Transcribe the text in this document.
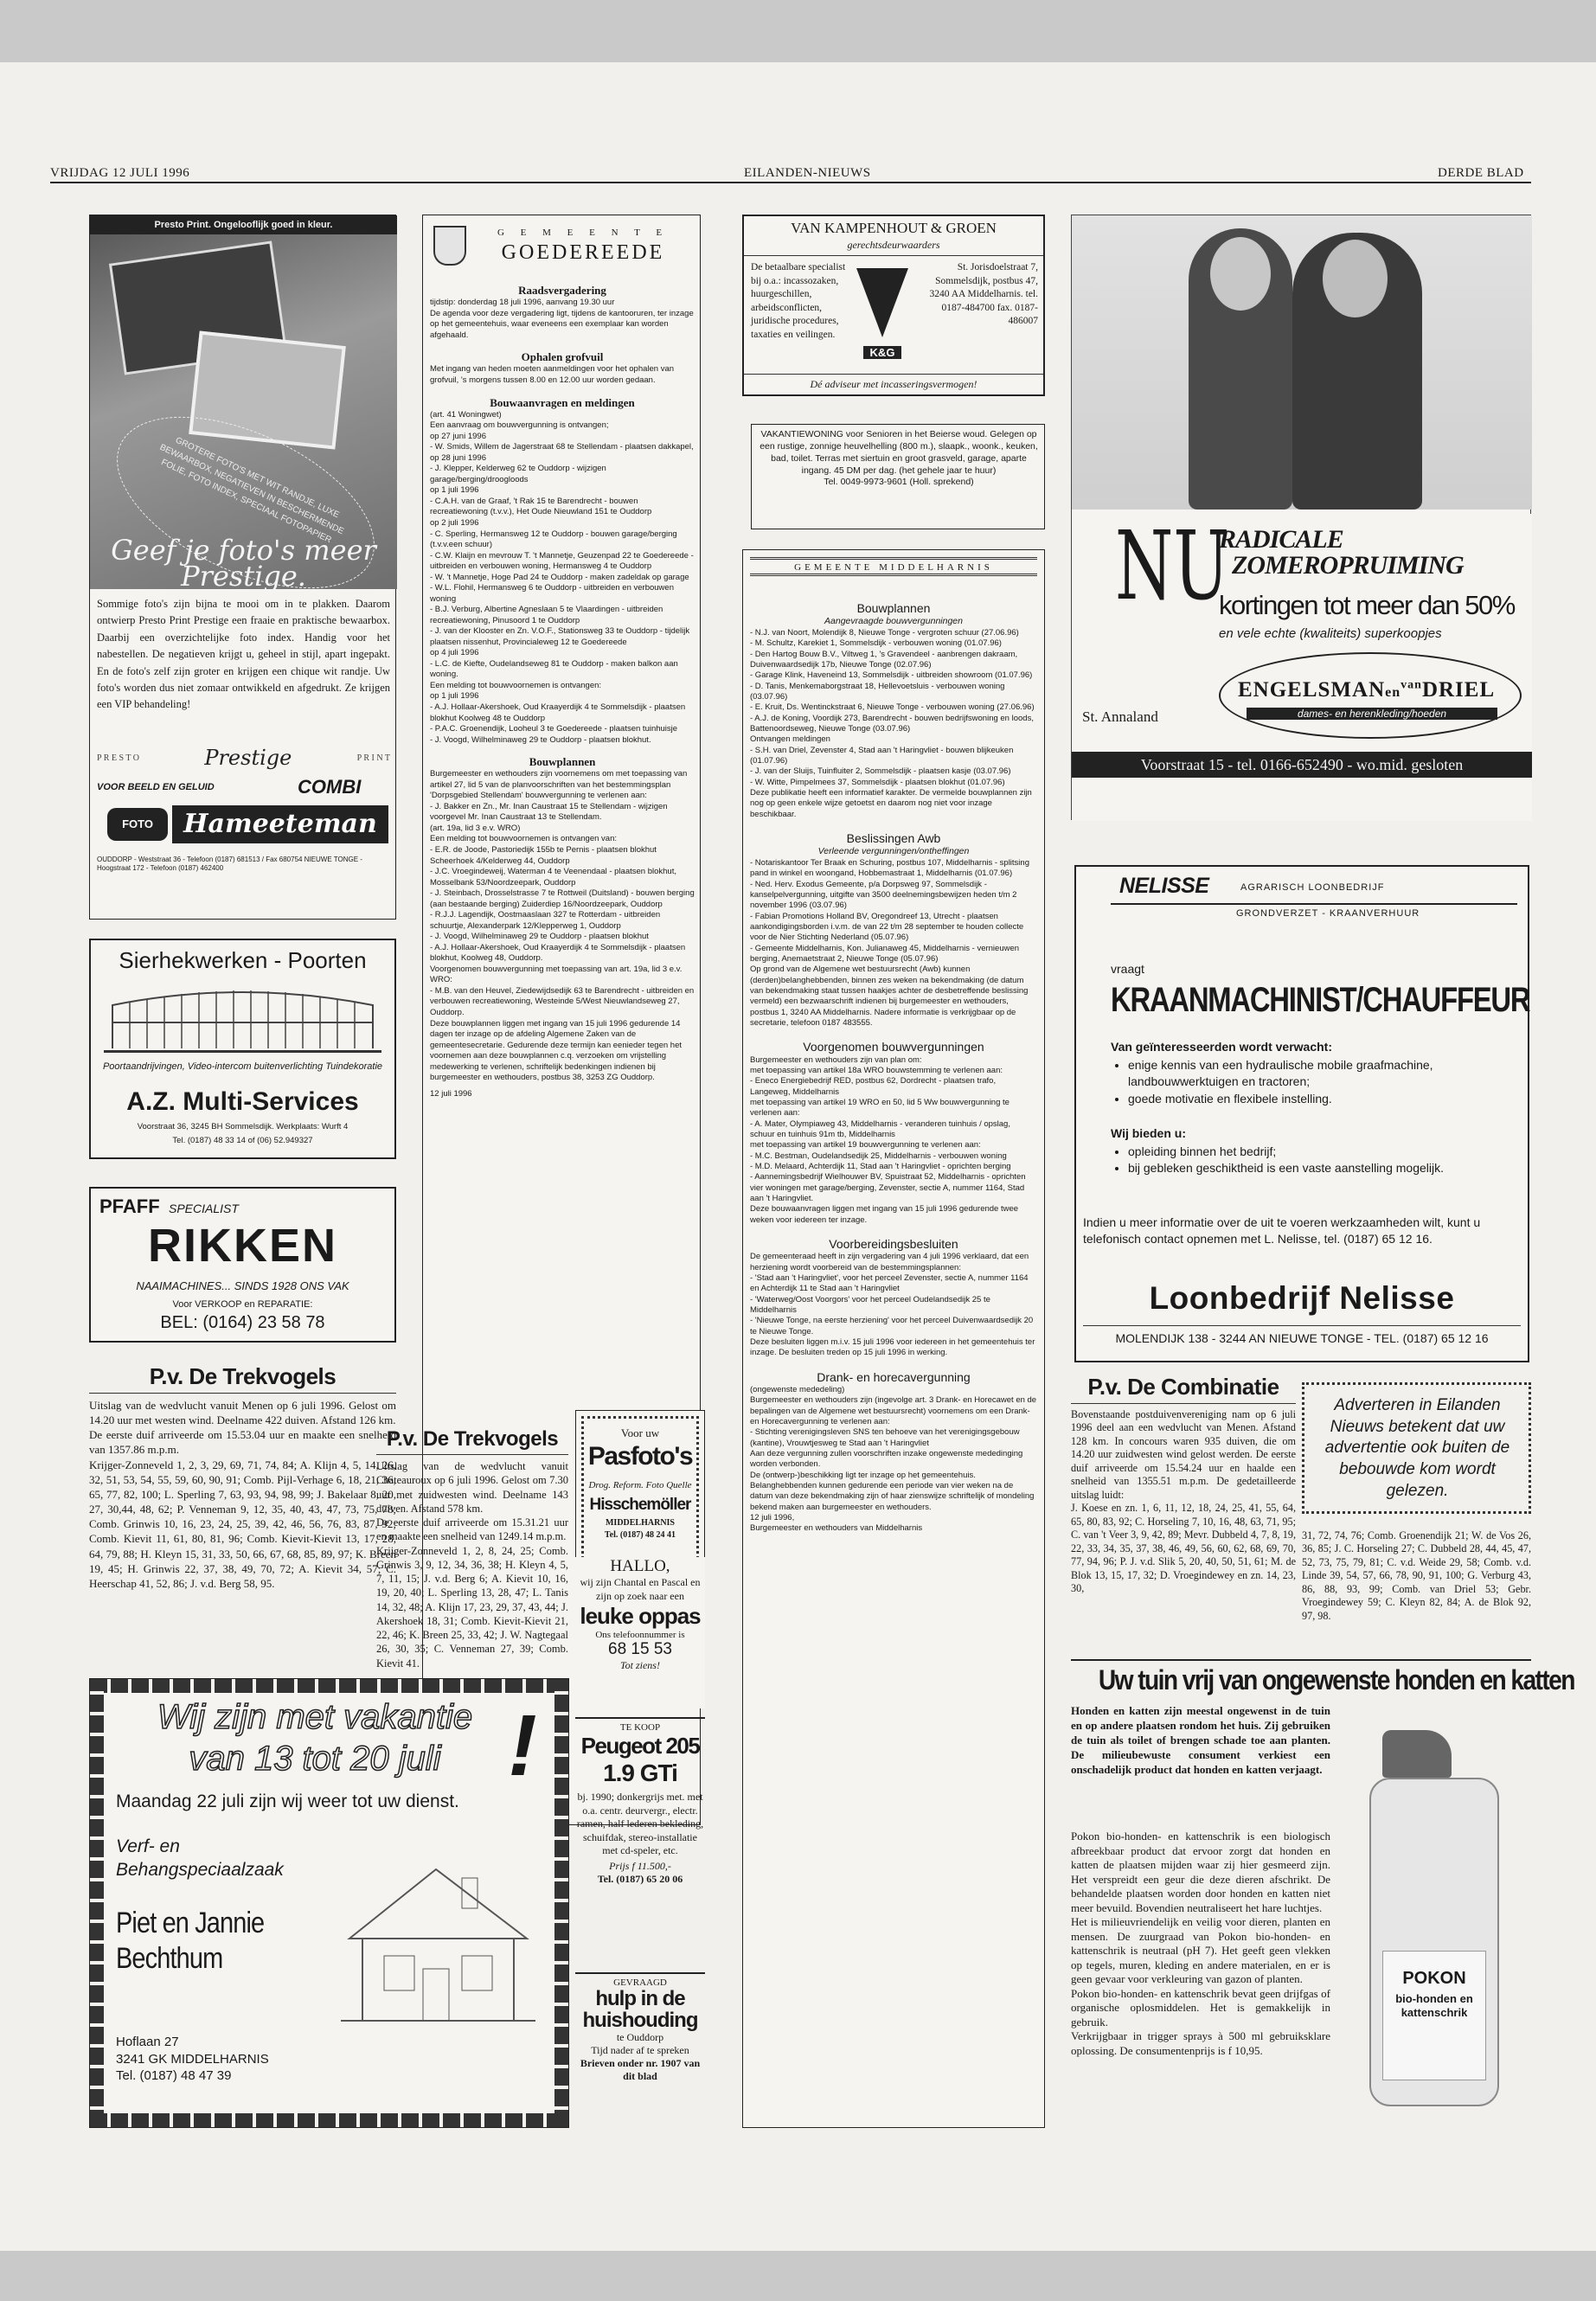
VRIJDAG 12 JULI 1996	EILANDEN-NIEUWS	DERDE BLAD
Presto Print. Ongelooflijk goed in kleur.
GROTERE FOTO'S MET WIT RANDJE, LUXE BEWAARBOX, NEGATIEVEN IN BESCHERMENDE FOLIE, FOTO INDEX, SPECIAAL FOTOPAPIER
Geef je foto's meer Prestige.
Sommige foto's zijn bijna te mooi om in te plakken. Daarom ontwierp Presto Print Prestige een fraaie en praktische bewaarbox. Daarbij een overzichtelijke foto index. Handig voor het nabestellen. De negatieven krijgt u, geheel in stijl, apart ingepakt. En de foto's zelf zijn groter en krijgen een chique wit randje. Uw foto's worden dus niet zomaar ontwikkeld en afgedrukt. Ze krijgen een VIP behandeling!
P R E S T O	Prestige	P R I N T
VOOR BEELD EN GELUID	COMBI
FOTO	Hameeteman
OUDDORP - Weststraat 36 - Telefoon (0187) 681513 / Fax 680754 NIEUWE TONGE - Hoogstraat 172 - Telefoon (0187) 462400
Sierhekwerken - Poorten
Poortaandrijvingen, Video-intercom buitenverlichting Tuindekoratie
A.Z. Multi-Services
Voorstraat 36, 3245 BH Sommelsdijk. Werkplaats: Wurft 4
Tel. (0187) 48 33 14 of (06) 52.949327
PFAFF SPECIALIST
RIKKEN
NAAIMACHINES... SINDS 1928 ONS VAK
Voor VERKOOP en REPARATIE:
BEL: (0164) 23 58 78
P.v. De Trekvogels
Uitslag van de wedvlucht vanuit Menen op 6 juli 1996. Gelost om 14.20 uur met westen wind. Deelname 422 duiven. Afstand 126 km.
De eerste duif arriveerde om 15.53.04 uur en maakte een snelheid van 1357.86 m.p.m.
Krijger-Zonneveld 1, 2, 3, 29, 69, 71, 74, 84; A. Klijn 4, 5, 14, 26, 32, 51, 53, 54, 55, 59, 60, 90, 91; Comb. Pijl-Verhage 6, 18, 21, 36, 65, 77, 82, 100; L. Sperling 7, 63, 93, 94, 98, 99; J. Bakelaar 8, 20, 27, 30,44, 48, 62; P. Venneman 9, 12, 35, 40, 43, 47, 73, 75, 78; Comb. Grinwis 10, 16, 23, 24, 25, 39, 42, 46, 56, 76, 83, 87, 92; Comb. Kievit 11, 61, 80, 81, 96; Comb. Kievit-Kievit 13, 17, 28, 64, 79, 88; H. Kleyn 15, 31, 33, 50, 66, 67, 68, 85, 89, 97; K. Breen 19, 45; H. Grinwis 22, 37, 38, 49, 70, 72; A. Kievit 34, 57; C. Heerschap 41, 52, 86; J. v.d. Berg 58, 95.
G E M E E N T E
GOEDEREEDE
Raadsvergadering
tijdstip: donderdag 18 juli 1996, aanvang 19.30 uur
De agenda voor deze vergadering ligt, tijdens de kantooruren, ter inzage op het gemeentehuis, waar eveneens een exemplaar kan worden afgehaald.
Ophalen grofvuil
Met ingang van heden moeten aanmeldingen voor het ophalen van grofvuil, 's morgens tussen 8.00 en 12.00 uur worden gedaan.
Bouwaanvragen en meldingen
(art. 41 Woningwet)
Een aanvraag om bouwvergunning is ontvangen;
op 27 juni 1996
- W. Smids, Willem de Jagerstraat 68 te Stellendam - plaatsen dakkapel,
op 28 juni 1996
- J. Klepper, Kelderweg 62 te Ouddorp - wijzigen garage/berging/droogloods
op 1 juli 1996
- C.A.H. van de Graaf, 't Rak 15 te Barendrecht - bouwen recreatiewoning (t.v.v.), Het Oude Nieuwland 151 te Ouddorp
op 2 juli 1996
- C. Sperling, Hermansweg 12 te Ouddorp - bouwen garage/berging (t.v.v.een schuur)
- C.W. Klaijn en mevrouw T. 't Mannetje, Geuzenpad 22 te Goedereede - uitbreiden en verbouwen woning, Hermansweg 4 te Ouddorp
- W. 't Mannetje, Hoge Pad 24 te Ouddorp - maken zadeldak op garage
- W.L. Flohil, Hermansweg 6 te Ouddorp - uitbreiden en verbouwen woning
- B.J. Verburg, Albertine Agneslaan 5 te Vlaardingen - uitbreiden recreatiewoning, Pinusoord 1 te Ouddorp
- J. van der Klooster en Zn. V.O.F., Stationsweg 33 te Ouddorp - tijdelijk plaatsen nissenhut, Provincialeweg 12 te Goedereede
op 4 juli 1996
- L.C. de Kiefte, Oudelandseweg 81 te Ouddorp - maken balkon aan woning.
Een melding tot bouwvoornemen is ontvangen:
op 1 juli 1996
- A.J. Hollaar-Akershoek, Oud Kraayerdijk 4 te Sommelsdijk - plaatsen blokhut Koolweg 48 te Ouddorp
- P.A.C. Groenendijk, Looheul 3 te Goedereede - plaatsen tuinhuisje
- J. Voogd, Wilhelminaweg 29 te Ouddorp - plaatsen blokhut.
Bouwplannen
Burgemeester en wethouders zijn voornemens om met toepassing van artikel 27, lid 5 van de planvoorschriften van het bestemmingsplan 'Dorpsgebied Stellendam' bouwvergunning te verlenen aan:
- J. Bakker en Zn., Mr. Inan Caustraat 15 te Stellendam - wijzigen voorgevel Mr. Inan Caustraat 13 te Stellendam.
(art. 19a, lid 3 e.v. WRO)
Een melding tot bouwvoornemen is ontvangen van:
- E.R. de Joode, Pastoriedijk 155b te Pernis - plaatsen blokhut Scheerhoek 4/Kelderweg 44, Ouddorp
- J.C. Vroegindeweij, Waterman 4 te Veenendaal - plaatsen blokhut, Mosselbank 53/Noordzeepark, Ouddorp
- J. Steinbach, Drosselstrasse 7 te Rottweil (Duitsland) - bouwen berging (aan bestaande berging) Zuiderdiep 16/Noordzeepark, Ouddorp
- R.J.J. Lagendijk, Oostmaaslaan 327 te Rotterdam - uitbreiden schuurtje, Alexanderpark 12/Klepperweg 1, Ouddorp
- J. Voogd, Wilhelminaweg 29 te Ouddorp - plaatsen blokhut
- A.J. Hollaar-Akershoek, Oud Kraayerdijk 4 te Sommelsdijk - plaatsen blokhut, Koolweg 48, Ouddorp.
Voorgenomen bouwvergunning met toepassing van art. 19a, lid 3 e.v. WRO:
- M.B. van den Heuvel, Ziedewijdsedijk 63 te Barendrecht - uitbreiden en verbouwen recreatiewoning, Westeinde 5/West Nieuwlandseweg 27, Ouddorp.
Deze bouwplannen liggen met ingang van 15 juli 1996 gedurende 14 dagen ter inzage op de afdeling Algemene Zaken van de gemeentesecretarie. Gedurende deze termijn kan eenieder tegen het voornemen aan deze bouwplannen c.q. verzoeken om vrijstelling medewerking te verlenen, schriftelijk bedenkingen indienen bij burgemeester en wethouders, postbus 38, 3253 ZG Ouddorp.
12 juli 1996
P.v. De Trekvogels
Uitslag van de wedvlucht vanuit Chateauroux op 6 juli 1996. Gelost om 7.30 uur met zuidwesten wind. Deelname 143 duiven. Afstand 578 km.
De eerste duif arriveerde om 15.31.21 uur en maakte een snelheid van 1249.14 m.p.m.
Krijger-Zonneveld 1, 2, 8, 24, 25; Comb. Grinwis 3, 9, 12, 34, 36, 38; H. Kleyn 4, 5, 7, 11, 15; J. v.d. Berg 6; A. Kievit 10, 16, 19, 20, 40; L. Sperling 13, 28, 47; L. Tanis 14, 32, 48; A. Klijn 17, 23, 29, 37, 43, 44; J. Akershoek 18, 31; Comb. Kievit-Kievit 21, 22, 46; K. Breen 25, 33, 42; J. W. Nagtegaal 26, 30, 35; C. Venneman 27, 39; Comb. Kievit 41.
Voor uw
Pasfoto's
Drog. Reform. Foto Quelle
Hisschemöller
MIDDELHARNIS
Tel. (0187) 48 24 41
HALLO,
wij zijn Chantal en Pascal en zijn op zoek naar een
leuke oppas
Ons telefoonnummer is
68 15 53
Tot ziens!
TE KOOP
Peugeot 205
1.9 GTi
bj. 1990; donkergrijs met. met o.a. centr. deurvergr., electr. ramen, half lederen bekleding, schuifdak, stereo-installatie met cd-speler, etc.
Prijs f 11.500,-
Tel. (0187) 65 20 06
GEVRAAGD
hulp in de huishouding
te Ouddorp
Tijd nader af te spreken
Brieven onder nr. 1907 van dit blad
Wij zijn met vakantie
van 13 tot 20 juli !
Maandag 22 juli zijn wij weer tot uw dienst.
Verf- en Behangspeciaalzaak
Piet en Jannie Bechthum
Hoflaan 27
3241 GK MIDDELHARNIS
Tel. (0187) 48 47 39
VAN KAMPENHOUT & GROEN
gerechtsdeurwaarders
De betaalbare specialist bij o.a.: incassozaken, huurgeschillen, arbeidsconflicten, juridische procedures, taxaties en veilingen.
K&G
St. Jorisdoelstraat 7, Sommelsdijk, postbus 47, 3240 AA Middelharnis. tel. 0187-484700 fax. 0187-486007
Dé adviseur met incasseringsvermogen!
VAKANTIEWONING voor Senioren in het Beierse woud. Gelegen op een rustige, zonnige heuvelhelling (800 m.), slaapk., woonk., keuken, bad, toilet. Terras met siertuin en groot grasveld, garage, aparte ingang. 45 DM per dag. (het gehele jaar te huur)
Tel. 0049-9973-9601 (Holl. sprekend)
GEMEENTE MIDDELHARNIS
Bouwplannen
Aangevraagde bouwvergunningen
- N.J. van Noort, Molendijk 8, Nieuwe Tonge - vergroten schuur (27.06.96)
- M. Schultz, Karekiet 1, Sommelsdijk - verbouwen woning (01.07.96)
- Den Hartog Bouw B.V., Viltweg 1, 's Gravendeel - aanbrengen dakraam, Duivenwaardsedijk 17b, Nieuwe Tonge (02.07.96)
- Garage Klink, Haveneind 13, Sommelsdijk - uitbreiden showroom (01.07.96)
- D. Tanis, Menkemaborgstraat 18, Hellevoetsluis - verbouwen woning (03.07.96)
- E. Kruit, Ds. Wentinckstraat 6, Nieuwe Tonge - verbouwen woning (27.06.96)
- A.J. de Koning, Voordijk 273, Barendrecht - bouwen bedrijfswoning en loods, Battenoordseweg, Nieuwe Tonge (03.07.96)
Ontvangen meldingen
- S.H. van Driel, Zevenster 4, Stad aan 't Haringvliet - bouwen blijkeuken (01.07.96)
- J. van der Sluijs, Tuinfluiter 2, Sommelsdijk - plaatsen kasje (03.07.96)
- W. Witte, Pimpelmees 37, Sommelsdijk - plaatsen blokhut (01.07.96)
Deze publikatie heeft een informatief karakter. De vermelde bouwplannen zijn nog op geen enkele wijze getoetst en daarom nog niet voor inzage beschikbaar.
Beslissingen Awb
Verleende vergunningen/ontheffingen
- Notariskantoor Ter Braak en Schuring, postbus 107, Middelharnis - splitsing pand in winkel en woongand, Hobbemastraat 1, Middelharnis (01.07.96)
- Ned. Herv. Exodus Gemeente, p/a Dorpsweg 97, Sommelsdijk - kanselpelvergunning, uitgifte van 3500 deelnemingsbewijzen heden t/m 2 november 1996 (03.07.96)
- Fabian Promotions Holland BV, Oregondreef 13, Utrecht - plaatsen aankondigingsborden i.v.m. de van 22 t/m 28 september te houden collecte voor de Nier Stichting Nederland (05.07.96)
- Gemeente Middelharnis, Kon. Julianaweg 45, Middelharnis - vernieuwen berging, Anemaetstraat 2, Nieuwe Tonge (05.07.96)
Op grond van de Algemene wet bestuursrecht (Awb) kunnen (derden)belanghebbenden, binnen zes weken na bekendmaking (de datum van bekendmaking staat tussen haakjes achter de desbetreffende beslissing vermeld) een bezwaarschrift indienen bij burgemeester en wethouders, postbus 1, 3240 AA Middelharnis. Nadere informatie is verkrijgbaar op de secretarie, telefoon 0187 483555.
Voorgenomen bouwvergunningen
Burgemeester en wethouders zijn van plan om:
met toepassing van artikel 18a WRO bouwstemming te verlenen aan:
- Eneco Energiebedrijf RED, postbus 62, Dordrecht - plaatsen trafo, Langeweg, Middelharnis
met toepassing van artikel 19 WRO en 50, lid 5 Ww bouwvergunning te verlenen aan:
- A. Mater, Olympiaweg 43, Middelharnis - veranderen tuinhuis / opslag, schuur en tuinhuis 91m tb, Middelharnis
met toepassing van artikel 19 bouwvergunning te verlenen aan:
- M.C. Bestman, Oudelandsedijk 25, Middelharnis - verbouwen woning
- M.D. Melaard, Achterdijk 11, Stad aan 't Haringvliet - oprichten berging
- Aannemingsbedrijf Wielhouwer BV, Spuistraat 52, Middelharnis - oprichten vier woningen met garage/berging, Zevenster, sectie A, nummer 1164, Stad aan 't Haringvliet.
Deze bouwaanvragen liggen met ingang van 15 juli 1996 gedurende twee weken voor iedereen ter inzage.
Voorbereidingsbesluiten
De gemeenteraad heeft in zijn vergadering van 4 juli 1996 verklaard, dat een herziening wordt voorbereid van de bestemmingsplannen:
- 'Stad aan 't Haringvliet', voor het perceel Zevenster, sectie A, nummer 1164 en Achterdijk 11 te Stad aan 't Haringvliet
- 'Waterweg/Oost Voorgors' voor het perceel Oudelandsedijk 25 te Middelharnis
- 'Nieuwe Tonge, na eerste herziening' voor het perceel Duivenwaardsedijk 20 te Nieuwe Tonge.
Deze besluiten liggen m.i.v. 15 juli 1996 voor iedereen in het gemeentehuis ter inzage. De besluiten treden op 15 juli 1996 in werking.
Drank- en horecavergunning
(ongewenste mededeling)
Burgemeester en wethouders zijn (ingevolge art. 3 Drank- en Horecawet en de bepalingen van de Algemene wet bestuursrecht) voornemens om een Drank- en Horecavergunning te verlenen aan:
- Stichting verenigingsleven SNS ten behoeve van het verenigingsgebouw (kantine), Vrouwtjesweg te Stad aan 't Haringvliet
Aan deze vergunning zullen voorschriften inzake ongewenste mededinging worden verbonden.
De (ontwerp-)beschikking ligt ter inzage op het gemeentehuis.
Belanghebbenden kunnen gedurende een periode van vier weken na de datum van deze bekendmaking zijn of haar zienswijze schriftelijk of mondeling bekend maken aan burgemeester en wethouders.
12 juli 1996,
Burgemeester en wethouders van Middelharnis
NU
RADICALE
ZOMEROPRUIMING
kortingen tot meer dan 50%
en vele echte (kwaliteits) superkoopjes
St. Annaland
ENGELSMANen$^{van}$DRIEL
dames- en herenkleding/hoeden
Voorstraat 15 - tel. 0166-652490 - wo.mid. gesloten
NELISSE	AGRARISCH LOONBEDRIJF
GRONDVERZET - KRAANVERHUUR
vraagt
KRAANMACHINIST/CHAUFFEUR
Van geïnteresseerden wordt verwacht:
• enige kennis van een hydraulische mobile graafmachine, landbouwwerktuigen en tractoren;
• goede motivatie en flexibele instelling.
Wij bieden u:
• opleiding binnen het bedrijf;
• bij gebleken geschiktheid is een vaste aanstelling mogelijk.
Indien u meer informatie over de uit te voeren werkzaamheden wilt, kunt u telefonisch contact opnemen met L. Nelisse, tel. (0187) 65 12 16.
Loonbedrijf Nelisse
MOLENDIJK 138 - 3244 AN NIEUWE TONGE - TEL. (0187) 65 12 16
P.v. De Combinatie
Bovenstaande postduivenvereniging nam op 6 juli 1996 deel aan een wedvlucht van Menen. Afstand 128 km. In concours waren 935 duiven, die om 14.20 uur zuidwesten wind gelost werden. De eerste duif arriveerde om 15.54.24 uur en haalde een snelheid van 1355.51 m.p.m. De gedetailleerde uitslag luidt:
J. Koese en zn. 1, 6, 11, 12, 18, 24, 25, 41, 55, 64, 65, 80, 83, 92; C. Horseling 7, 10, 16, 48, 63, 71, 95; C. van 't Veer 3, 9, 42, 89; Mevr. Dubbeld 4, 7, 8, 19, 22, 33, 34, 35, 37, 38, 46, 49, 56, 60, 62, 68, 69, 70, 77, 94, 96; P. J. v.d. Slik 5, 20, 40, 50, 51, 61; M. de Blok 13, 15, 17, 32; D. Vroegindewey en zn. 14, 23, 30,
Adverteren in Eilanden Nieuws betekent dat uw advertentie ook buiten de bebouwde kom wordt gelezen.
31, 72, 74, 76; Comb. Groenendijk 21; W. de Vos 26, 36, 85; J. C. Horseling 27; C. Dubbeld 28, 44, 45, 47, 52, 73, 75, 79, 81; C. v.d. Weide 29, 58; Comb. v.d. Linde 39, 54, 57, 66, 78, 90, 91, 100; G. Verburg 43, 86, 88, 93, 99; Comb. van Driel 53; Gebr. Vroegindewey 59; C. Kleyn 82, 84; A. de Blok 92, 97, 98.
Uw tuin vrij van ongewenste honden en katten
Honden en katten zijn meestal ongewenst in de tuin en op andere plaatsen rondom het huis. Zij gebruiken de tuin als toilet of brengen schade toe aan planten. De milieubewuste consument verkiest een onschadelijk product dat honden en katten verjaagt.
Pokon bio-honden- en kattenschrik is een biologisch afbreekbaar product dat ervoor zorgt dat honden en katten de plaatsen mijden waar zij hier gesmeerd zijn. Het verspreidt een geur die deze dieren afschrikt. De behandelde plaatsen worden door honden en katten niet meer bevuild. Bovendien neutraliseert het hare luchtjes.
Het is milieuvriendelijk en veilig voor dieren, planten en mensen. De zuurgraad van Pokon bio-honden- en kattenschrik is neutraal (pH 7). Het geeft geen vlekken op tegels, muren, kleding en andere materialen, en er is geen gevaar voor verkleuring van gazon of planten.
Pokon bio-honden- en kattenschrik bevat geen drijfgas of organische oplosmiddelen. Het is gemakkelijk in gebruik.
Verkrijgbaar in trigger sprays à 500 ml gebruiksklare oplossing. De consumentenprijs is f 10,95.
POKON
bio-honden en kattenschrik
